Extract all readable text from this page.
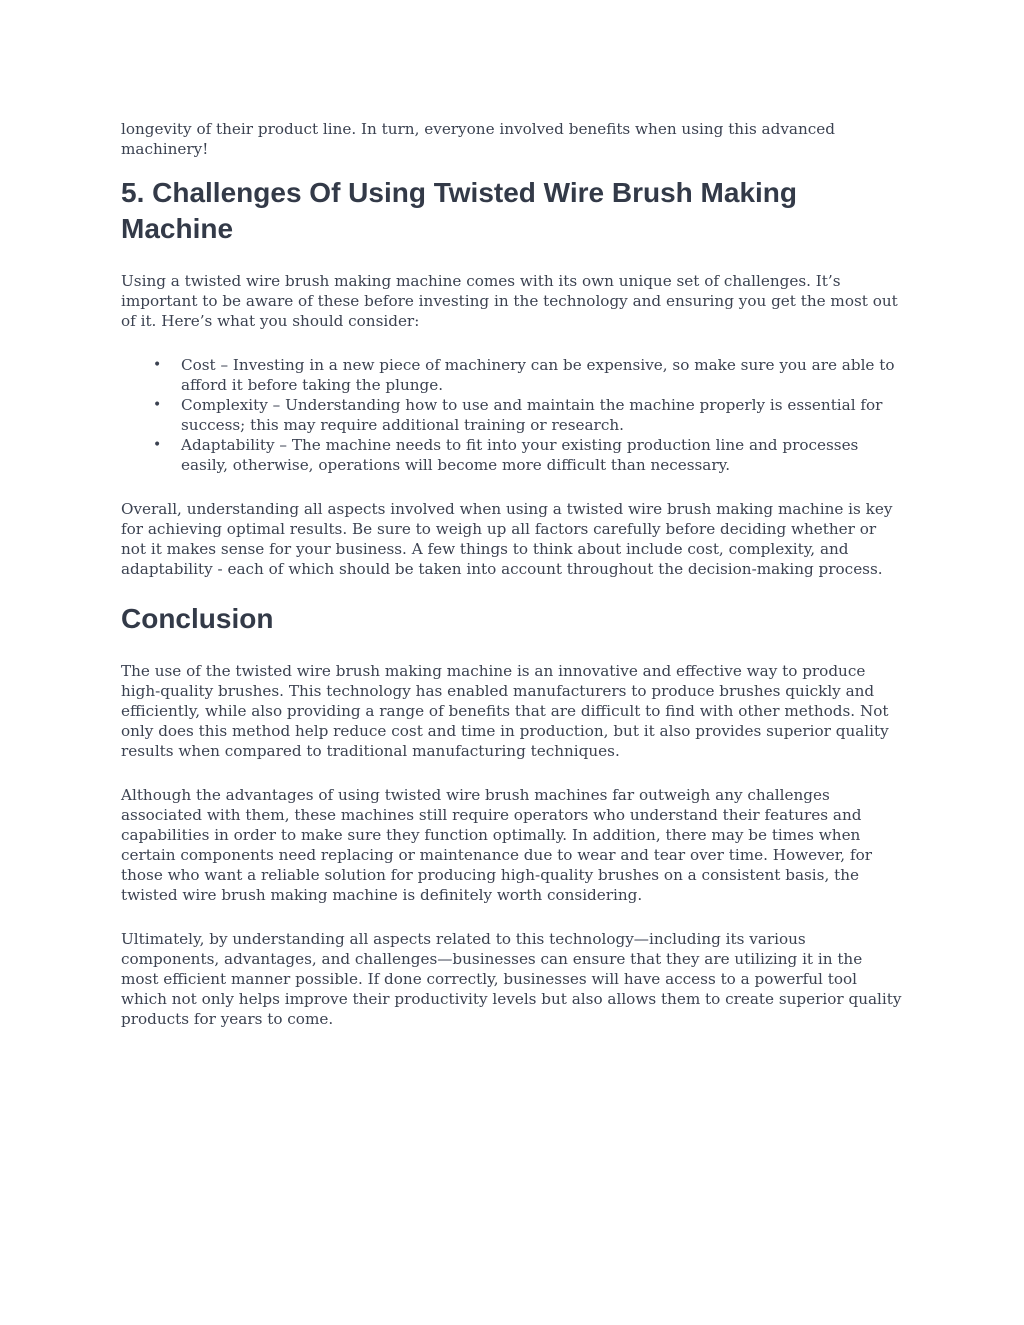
longevity of their product line. In turn, everyone involved benefits when using this advanced machinery!

5. Challenges Of Using Twisted Wire Brush Making Machine

Using a twisted wire brush making machine comes with its own unique set of challenges. It’s important to be aware of these before investing in the technology and ensuring you get the most out of it. Here’s what you should consider:

• Cost – Investing in a new piece of machinery can be expensive, so make sure you are able to afford it before taking the plunge.
• Complexity – Understanding how to use and maintain the machine properly is essential for success; this may require additional training or research.
• Adaptability – The machine needs to fit into your existing production line and processes easily, otherwise, operations will become more difficult than necessary.

Overall, understanding all aspects involved when using a twisted wire brush making machine is key for achieving optimal results. Be sure to weigh up all factors carefully before deciding whether or not it makes sense for your business. A few things to think about include cost, complexity, and adaptability - each of which should be taken into account throughout the decision-making process.

Conclusion

The use of the twisted wire brush making machine is an innovative and effective way to produce high-quality brushes. This technology has enabled manufacturers to produce brushes quickly and efficiently, while also providing a range of benefits that are difficult to find with other methods. Not only does this method help reduce cost and time in production, but it also provides superior quality results when compared to traditional manufacturing techniques.

Although the advantages of using twisted wire brush machines far outweigh any challenges associated with them, these machines still require operators who understand their features and capabilities in order to make sure they function optimally. In addition, there may be times when certain components need replacing or maintenance due to wear and tear over time. However, for those who want a reliable solution for producing high-quality brushes on a consistent basis, the twisted wire brush making machine is definitely worth considering.

Ultimately, by understanding all aspects related to this technology—including its various components, advantages, and challenges—businesses can ensure that they are utilizing it in the most efficient manner possible. If done correctly, businesses will have access to a powerful tool which not only helps improve their productivity levels but also allows them to create superior quality products for years to come.
